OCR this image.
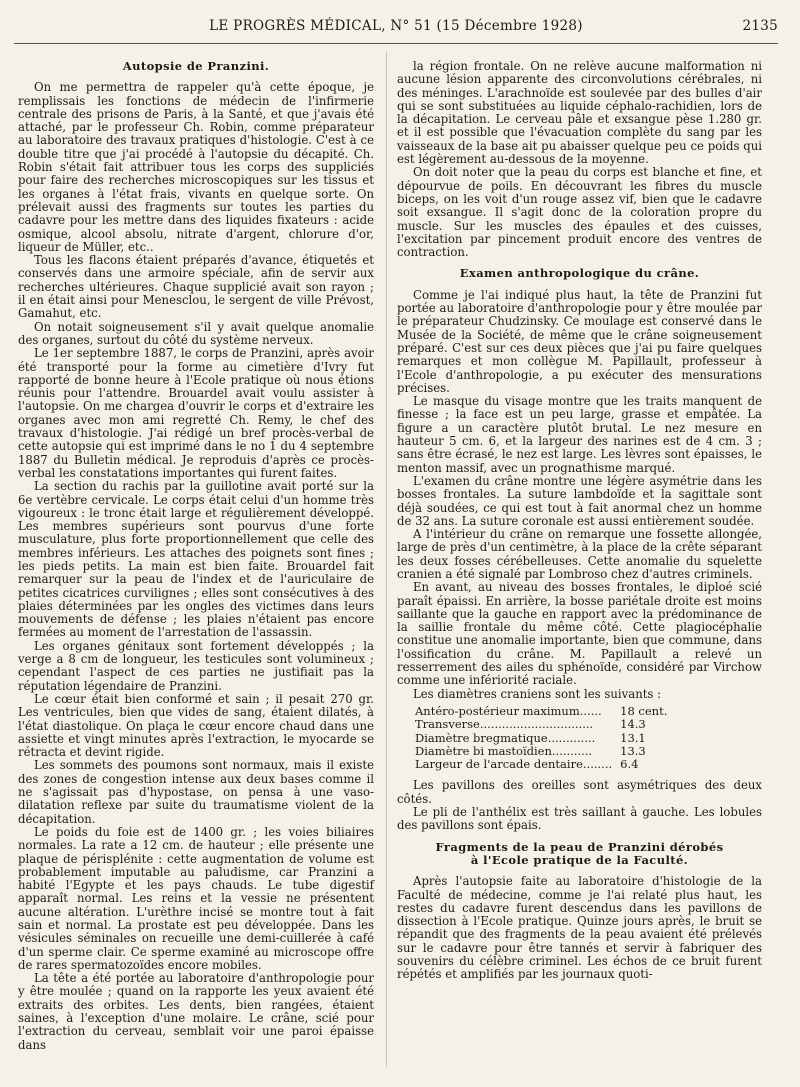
LE PROGRÈS MÉDICAL, N° 51 (15 Décembre 1928)	2135
Autopsie de Pranzini.

On me permettra de rappeler qu'à cette époque, je remplissais les fonctions de médecin de l'infirmerie centrale des prisons de Paris, à la Santé, et que j'avais été attaché, par le professeur Ch. Robin, comme préparateur au laboratoire des travaux pratiques d'histologie. C'est à ce double titre que j'ai procédé à l'autopsie du décapité. Ch. Robin s'était fait attribuer tous les corps des suppliciés pour faire des recherches microscopiques sur les tissus et les organes à l'état frais, vivants en quelque sorte. On prélevait aussi des fragments sur toutes les parties du cadavre pour les mettre dans des liquides fixateurs : acide osmique, alcool absolu, nitrate d'argent, chlorure d'or, liqueur de Müller, etc..

Tous les flacons étaient préparés d'avance, étiquetés et conservés dans une armoire spéciale, afin de servir aux recherches ultérieures. Chaque supplicié avait son rayon ; il en était ainsi pour Menesclou, le sergent de ville Prévost, Gamahut, etc.

On notait soigneusement s'il y avait quelque anomalie des organes, surtout du côté du système nerveux.

Le 1er septembre 1887, le corps de Pranzini, après avoir été transporté pour la forme au cimetière d'Ivry fut rapporté de bonne heure à l'Ecole pratique où nous étions réunis pour l'attendre. Brouardel avait voulu assister à l'autopsie. On me chargea d'ouvrir le corps et d'extraire les organes avec mon ami regretté Ch. Remy, le chef des travaux d'histologie. J'ai rédigé un bref procès-verbal de cette autopsie qui est imprimé dans le no 1 du 4 septembre 1887 du Bulletin médical. Je reproduis d'après ce procès-verbal les constatations importantes qui furent faites.

La section du rachis par la guillotine avait porté sur la 6e vertèbre cervicale. Le corps était celui d'un homme très vigoureux : le tronc était large et régulièrement développé. Les membres supérieurs sont pourvus d'une forte musculature, plus forte proportionnellement que celle des membres inférieurs. Les attaches des poignets sont fines ; les pieds petits. La main est bien faite. Brouardel fait remarquer sur la peau de l'index et de l'auriculaire de petites cicatrices curvilignes ; elles sont consécutives à des plaies déterminées par les ongles des victimes dans leurs mouvements de défense ; les plaies n'étaient pas encore fermées au moment de l'arrestation de l'assassin.

Les organes génitaux sont fortement développés ; la verge a 8 cm de longueur, les testicules sont volumineux ; cependant l'aspect de ces parties ne justifiait pas la réputation légendaire de Pranzini.

Le cœur était bien conformé et sain ; il pesait 270 gr. Les ventricules, bien que vides de sang, étaient dilatés, à l'état diastolique. On plaça le cœur encore chaud dans une assiette et vingt minutes après l'extraction, le myocarde se rétracta et devint rigide.

Les sommets des poumons sont normaux, mais il existe des zones de congestion intense aux deux bases comme il ne s'agissait pas d'hypostase, on pensa à une vaso-dilatation reflexe par suite du traumatisme violent de la décapitation.

Le poids du foie est de 1400 gr. ; les voies biliaires normales. La rate a 12 cm. de hauteur ; elle présente une plaque de périsplénite : cette augmentation de volume est probablement imputable au paludisme, car Pranzini a habité l'Egypte et les pays chauds. Le tube digestif apparaît normal. Les reins et la vessie ne présentent aucune altération. L'urèthre incisé se montre tout à fait sain et normal. La prostate est peu développée. Dans les vésicules séminales on recueille une demi-cuillerée à café d'un sperme clair. Ce sperme examiné au microscope offre de rares spermatozoïdes encore mobiles.

La tête a été portée au laboratoire d'anthropologie pour y être moulée ; quand on la rapporte les yeux avaient été extraits des orbites. Les dents, bien rangées, étaient saines, à l'exception d'une molaire. Le crâne, scié pour l'extraction du cerveau, semblait voir une paroi épaisse dans

la région frontale. On ne relève aucune malformation ni aucune lésion apparente des circonvolutions cérébrales, ni des méninges. L'arachnoïde est soulevée par des bulles d'air qui se sont substituées au liquide céphalo-rachidien, lors de la décapitation. Le cerveau pâle et exsangue pèse 1.280 gr. et il est possible que l'évacuation complète du sang par les vaisseaux de la base ait pu abaisser quelque peu ce poids qui est légèrement au-dessous de la moyenne.

On doit noter que la peau du corps est blanche et fine, et dépourvue de poils. En découvrant les fibres du muscle biceps, on les voit d'un rouge assez vif, bien que le cadavre soit exsangue. Il s'agit donc de la coloration propre du muscle. Sur les muscles des épaules et des cuisses, l'excitation par pincement produit encore des ventres de contraction.

Examen anthropologique du crâne.

Comme je l'ai indiqué plus haut, la tête de Pranzini fut portée au laboratoire d'anthropologie pour y être moulée par le préparateur Chudzinsky. Ce moulage est conservé dans le Musée de la Société, de même que le crâne soigneusement préparé. C'est sur ces deux pièces que j'ai pu faire quelques remarques et mon collègue M. Papillault, professeur à l'Ecole d'anthropologie, a pu exécuter des mensurations précises.

Le masque du visage montre que les traits manquent de finesse ; la face est un peu large, grasse et empâtée. La figure a un caractère plutôt brutal. Le nez mesure en hauteur 5 cm. 6, et la largeur des narines est de 4 cm. 3 ; sans être écrasé, le nez est large. Les lèvres sont épaisses, le menton massif, avec un prognathisme marqué.

L'examen du crâne montre une légère asymétrie dans les bosses frontales. La suture lambdoïde et la sagittale sont déjà soudées, ce qui est tout à fait anormal chez un homme de 32 ans. La suture coronale est aussi entièrement soudée.

A l'intérieur du crâne on remarque une fossette allongée, large de près d'un centimètre, à la place de la crête séparant les deux fosses cérébelleuses. Cette anomalie du squelette cranien a été signalé par Lombroso chez d'autres criminels.

En avant, au niveau des bosses frontales, le diploé scié paraît épaissi. En arrière, la bosse pariétale droite est moins saillante que la gauche en rapport avec la prédominance de la saillie frontale du même côté. Cette plagiocéphalie constitue une anomalie importante, bien que commune, dans l'ossification du crâne. M. Papillault a relevé un resserrement des ailes du sphénoïde, considéré par Virchow comme une infériorité raciale.

Les diamètres craniens sont les suivants :

Antéro-postérieur maximum......	18 cent.
Transverse...............................	14.3
Diamètre bregmatique.............	13.1
Diamètre bi mastoïdien...........	13.3
Largeur de l'arcade dentaire........	6.4

Les pavillons des oreilles sont asymétriques des deux côtés.

Le pli de l'anthélix est très saillant à gauche. Les lobules des pavillons sont épais.

Fragments de la peau de Pranzini dérobés
à l'Ecole pratique de la Faculté.

Après l'autopsie faite au laboratoire d'histologie de la Faculté de médecine, comme je l'ai relaté plus haut, les restes du cadavre furent descendus dans les pavillons de dissection à l'Ecole pratique. Quinze jours après, le bruit se répandit que des fragments de la peau avaient été prélevés sur le cadavre pour être tannés et servir à fabriquer des souvenirs du célèbre criminel. Les échos de ce bruit furent répétés et amplifiés par les journaux quoti-
